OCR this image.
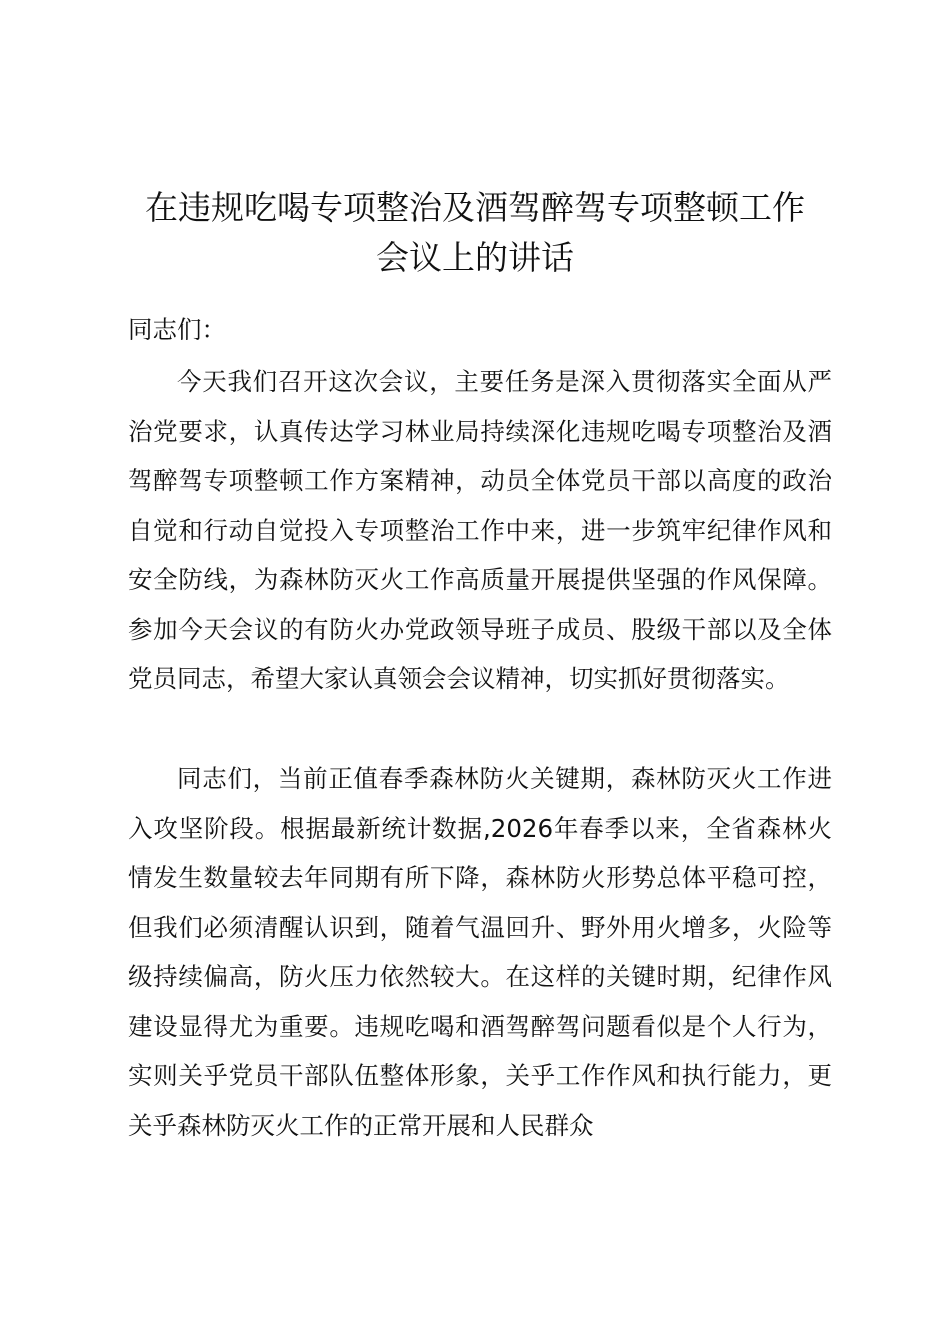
在违规吃喝专项整治及酒驾醉驾专项整顿工作
会议上的讲话

同志们：

今天我们召开这次会议，主要任务是深入贯彻落实全面从严治党要求，认真传达学习林业局持续深化违规吃喝专项整治及酒驾醉驾专项整顿工作方案精神，动员全体党员干部以高度的政治自觉和行动自觉投入专项整治工作中来，进一步筑牢纪律作风和安全防线，为森林防灭火工作高质量开展提供坚强的作风保障。参加今天会议的有防火办党政领导班子成员、股级干部以及全体党员同志，希望大家认真领会会议精神，切实抓好贯彻落实。

同志们，当前正值春季森林防火关键期，森林防灭火工作进入攻坚阶段。根据最新统计数据,2026年春季以来，全省森林火情发生数量较去年同期有所下降，森林防火形势总体平稳可控，但我们必须清醒认识到，随着气温回升、野外用火增多，火险等级持续偏高，防火压力依然较大。在这样的关键时期，纪律作风建设显得尤为重要。违规吃喝和酒驾醉驾问题看似是个人行为，实则关乎党员干部队伍整体形象，关乎工作作风和执行能力，更关乎森林防灭火工作的正常开展和人民群众
